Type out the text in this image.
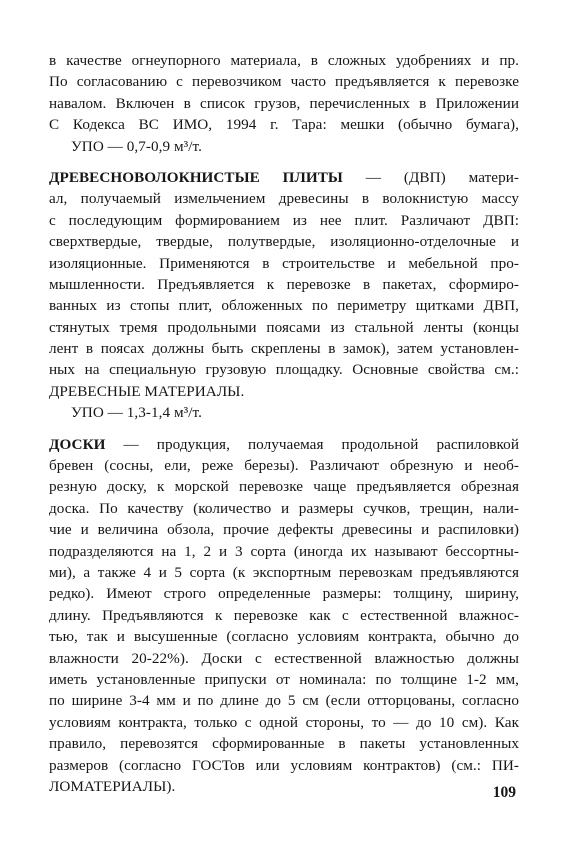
в качестве огнеупорного материала, в сложных удобрениях и пр.
По согласованию с перевозчиком часто предъявляется к перевозке
навалом. Включен в список грузов, перечисленных в Приложении
С Кодекса ВС ИМО, 1994 г. Тара: мешки (обычно бумага),
УПО — 0,7-0,9 м³/т.
ДРЕВЕСНОВОЛОКНИСТЫЕ ПЛИТЫ — (ДВП) матери-
ал, получаемый измельчением древесины в волокнистую массу
с последующим формированием из нее плит. Различают ДВП:
сверхтвердые, твердые, полутвердые, изоляционно-отделочные и
изоляционные. Применяются в строительстве и мебельной про-
мышленности. Предъявляется к перевозке в пакетах, сформиро-
ванных из стопы плит, обложенных по периметру щитками ДВП,
стянутых тремя продольными поясами из стальной ленты (концы
лент в поясах должны быть скреплены в замок), затем установлен-
ных на специальную грузовую площадку. Основные свойства см.:
ДРЕВЕСНЫЕ МАТЕРИАЛЫ.
УПО — 1,3-1,4 м³/т.
ДОСКИ — продукция, получаемая продольной распиловкой
бревен (сосны, ели, реже березы). Различают обрезную и необ-
резную доску, к морской перевозке чаще предъявляется обрезная
доска. По качеству (количество и размеры сучков, трещин, нали-
чие и величина обзола, прочие дефекты древесины и распиловки)
подразделяются на 1, 2 и 3 сорта (иногда их называют бессортны-
ми), а также 4 и 5 сорта (к экспортным перевозкам предъявляются
редко). Имеют строго определенные размеры: толщину, ширину,
длину. Предъявляются к перевозке как с естественной влажнос-
тью, так и высушенные (согласно условиям контракта, обычно до
влажности 20-22%). Доски с естественной влажностью должны
иметь установленные припуски от номинала: по толщине 1-2 мм,
по ширине 3-4 мм и по длине до 5 см (если отторцованы, согласно
условиям контракта, только с одной стороны, то — до 10 см). Как
правило, перевозятся сформированные в пакеты установленных
размеров (согласно ГОСТов или условиям контрактов) (см.: ПИ-
ЛОМАТЕРИАЛЫ).	109
